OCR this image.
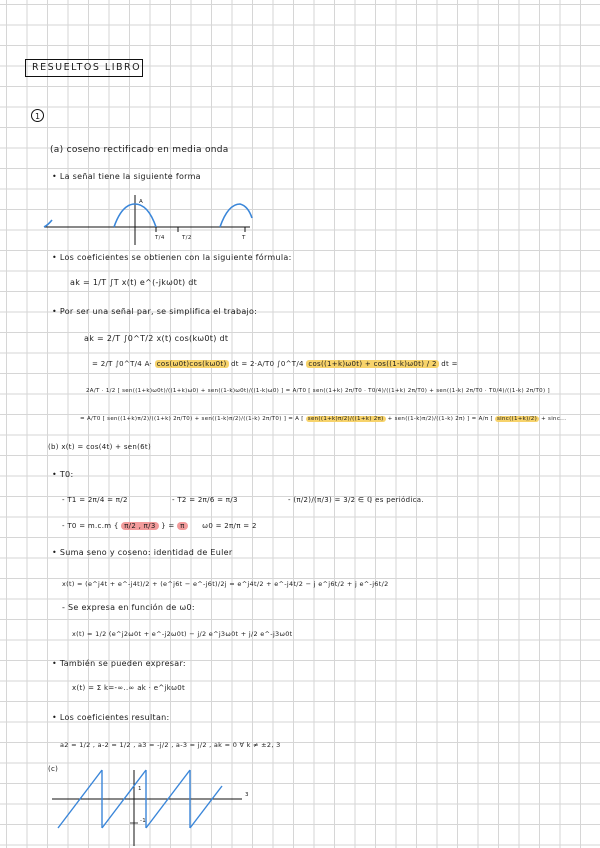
RESUELTOS LIBRO
1
(a) coseno rectificado en media onda
• La señal tiene la siguiente forma
A
T/4	T/2	T
• Los coeficientes se obtienen con la siguiente fórmula:
ak = 1/T ∫T x(t) e^(-jkω0t) dt
• Por ser una señal par, se simplifica el trabajo:
ak = 2/T ∫0^T/2 x(t) cos(kω0t) dt
= 2/T ∫0^T/4 A· cos(ω0t)cos(kω0t) dt = 2·A/T0 ∫0^T/4 cos((1+k)ω0t) + cos((1-k)ω0t) / 2 dt =
2A/T · 1/2 [ sen((1+k)ω0t)/((1+k)ω0) + sen((1-k)ω0t)/((1-k)ω0) ] = A/T0 [ sen((1+k) 2π/T0 · T0/4)/((1+k) 2π/T0) + sen((1-k) 2π/T0 · T0/4)/((1-k) 2π/T0) ]
= A/T0 [ sen((1+k)π/2)/((1+k) 2π/T0) + sen((1-k)π/2)/((1-k) 2π/T0) ] = A [ sen((1+k)π/2)/((1+k) 2π) + sen((1-k)π/2)/((1-k) 2π) ] = A/π [ sinc((1+k)/2) + sinc...
(b) x(t) = cos(4t) + sen(6t)
• T0:
- T1 = 2π/4 = π/2	- T2 = 2π/6 = π/3	- (π/2)/(π/3) = 3/2 ∈ ℚ es periódica.
- T0 = m.c.m { π/2 , π/3 } = π	ω0 = 2π/π = 2
• Suma seno y coseno: identidad de Euler
x(t) = (e^j4t + e^-j4t)/2 + (e^j6t − e^-j6t)/2j = e^j4t/2 + e^-j4t/2 − j e^j6t/2 + j e^-j6t/2
- Se expresa en función de ω0:
x(t) = 1/2 (e^j2ω0t + e^-j2ω0t) − j/2 e^j3ω0t + j/2 e^-j3ω0t
• También se pueden expresar:
x(t) = Σ k=-∞..∞ ak · e^jkω0t
• Los coeficientes resultan:
a2 = 1/2 , a-2 = 1/2 , a3 = -j/2 , a-3 = j/2 , ak = 0 ∀ k ≠ ±2, 3
(c)
1
3
-1
